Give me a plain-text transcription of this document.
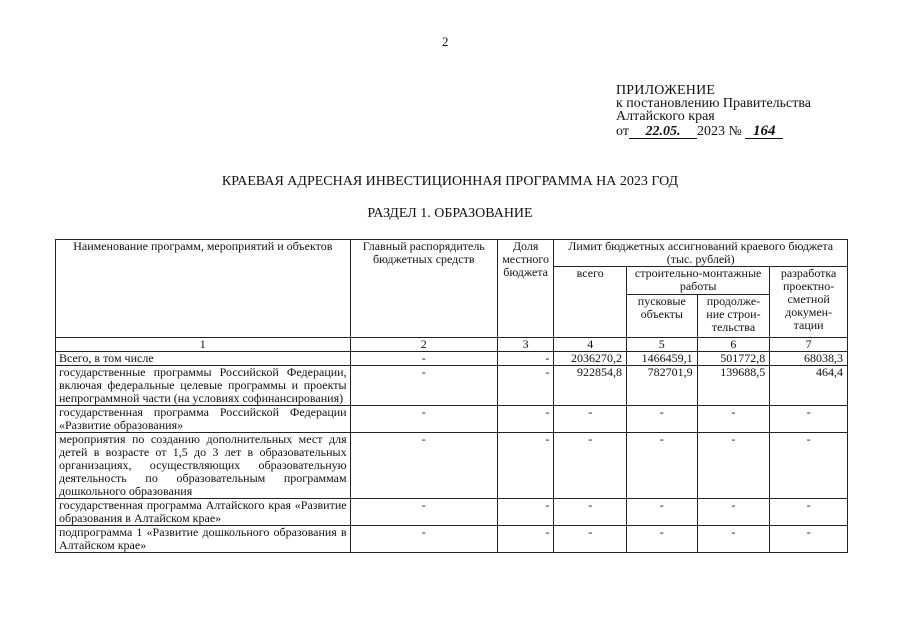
2
ПРИЛОЖЕНИЕ
к постановлению Правительства
Алтайского края
от 22.05. 2023 № 164
КРАЕВАЯ АДРЕСНАЯ ИНВЕСТИЦИОННАЯ ПРОГРАММА НА 2023 ГОД
РАЗДЕЛ 1. ОБРАЗОВАНИЕ
Наименование программ, мероприятий и объектов	Главный распорядитель бюджетных средств	Доля местного бюджета	Лимит бюджетных ассигнований краевого бюджета (тыс. рублей)			
			всего	строительно-монтажные работы		разработка проектно-сметной докумен-тации
				пусковые объекты	продолже-ние строи-тельства	
1	2	3	4	5	6	7
Всего, в том числе	-	-	2036270,2	1466459,1	501772,8	68038,3
государственные программы Российской Федерации, включая федеральные целевые программы и проекты непрограммной части (на условиях софинансирования)	-	-	922854,8	782701,9	139688,5	464,4
государственная программа Российской Федерации «Развитие образования»	-	-	-	-	-	-
мероприятия по созданию дополнительных мест для детей в возрасте от 1,5 до 3 лет в образовательных организациях, осуществляющих образовательную деятельность по образовательным программам дошкольного образования	-	-	-	-	-	-
государственная программа Алтайского края «Развитие образования в Алтайском крае»	-	-	-	-	-	-
подпрограмма 1 «Развитие дошкольного образования в Алтайском крае»	-	-	-	-	-	-
